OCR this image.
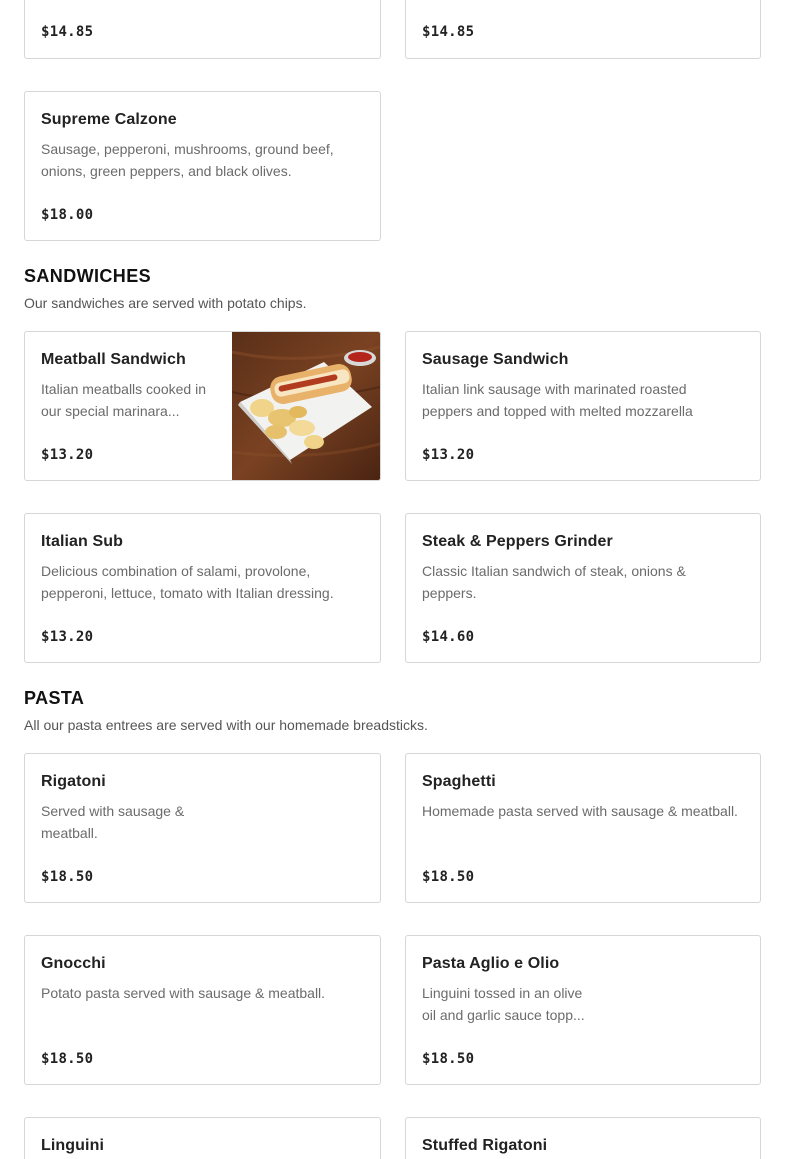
$14.85	$14.85
Supreme Calzone
Sausage, pepperoni, mushrooms, ground beef,
onions, green peppers, and black olives.
$18.00
SANDWICHES
Our sandwiches are served with potato chips.
Meatball Sandwich
Italian meatballs cooked in
our special marinara...
$13.20
Sausage Sandwich
Italian link sausage with marinated roasted
peppers and topped with melted mozzarella
$13.20
Italian Sub
Delicious combination of salami, provolone,
pepperoni, lettuce, tomato with Italian dressing.
$13.20
Steak & Peppers Grinder
Classic Italian sandwich of steak, onions &
peppers.
$14.60
PASTA
All our pasta entrees are served with our homemade breadsticks.
Rigatoni
Served with sausage &
meatball.
$18.50
Spaghetti
Homemade pasta served with sausage & meatball.
$18.50
Gnocchi
Potato pasta served with sausage & meatball.
$18.50
Pasta Aglio e Olio
Linguini tossed in an olive
oil and garlic sauce topp...
$18.50
Linguini	Stuffed Rigatoni
